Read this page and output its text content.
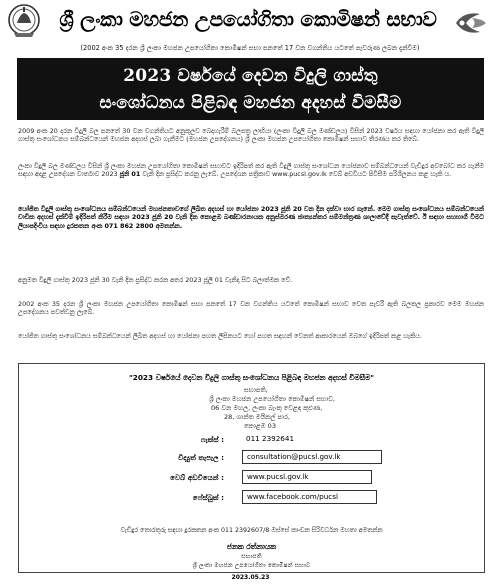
ශ්‍රී ලංකා මහජන උපයෝගිතා කොමිෂන් සභාව
(2002 අංක 35 දරන ශ්‍රී ලංකා මහජන උපයෝගිතා කොමිෂන් සභා පනතේ 17 වන වගන්තිය යටතේ පැවරුණ ලබන දැන්වීම)
2023 වර්ෂයේ දෙවන විදුලි ගාස්තු
සංශෝධනය පිළිබඳ මහජන අදහස් විමසීම
2009 අංක 20 දරන විදුලි බල පනතේ 30 වන වගන්තියට අනුකූලව බෙදාහැරීම් බලපත්‍ර ලාභියා (ලංකා විදුලි බල මණ්ඩලය) විසින් 2023 වර්ෂය සඳහා යෝජනා කර ඇති විදුලි ගාස්තු සංශෝධනය සම්බන්ධයෙන් මහජන අදහස් ලබා ගැනීමට (මහජන උපදේශනය) ශ්‍රී ලංකා මහජන උපයෝගිතා කොමිෂන් සභාව තීරණය කර තිබේ.
ලංකා විදුලි බල මණ්ඩලය විසින් ශ්‍රී ලංකා මහජන උපයෝගිතා කොමිෂන් සභාවට ඉදිරිපත් කර ඇති විදුලි ගාස්තු සංශෝධන යෝජනාව සම්බන්ධයෙන් වැඩිදුර අවබෝධ කර ගැනීම සඳහා අදාළ උපදේශන වාර්තාව 2023 ජූනි 01 වැනි දින ප්‍රසිද්ධ කරනු ලැබේ. උපදේශන පත්‍රිකාව www.pucsl.gov.lk වෙබ් අඩවියට පිවිසීම පරිශීලනය කළ හැකි ය.
යෝජිත විදුලි ගාස්තු සංශෝධනය සම්බන්ධයෙන් මහජනතාවගේ ලිඛිත අදහස් හා යෝජනා 2023 ජූනි 20 වන දින දක්වා භාර ගැනේ. මෙම ගාස්තු සංශෝධනය සම්බන්ධයෙන් වාචික අදහස් දැක්වීම් ඉදිරිපත් කිරීම සඳහා 2023 ජූනි 20 වැනි දින කොළඹ බණ්ඩාරනායක අනුස්මරණ ජාත්‍යන්තර සම්මන්ත්‍රණ ශාලාවේදී පැවැත්වේ. ඊ සඳහා සහභාගී වීමට ලියාපදිංචිය සඳහා දුරකතන අංක 071 862 2800 අමතන්න.
අනුමත විදුලි ගාස්තු 2023 ජූනි 30 වැනි දින ප්‍රසිද්ධ කරන අතර 2023 ජූලි 01 වැනිදා සිට බලාත්මක වේ.
2002 අංක 35 දරන ශ්‍රී ලංකා මහජන උපයෝගිතා කොමිෂන් සභා පනතේ 17 වන වගන්තිය යටතේ කොමිෂන් සභාව වෙත පැවරී ඇති බලතල ප්‍රකාරව මෙම මහජන උපදේශනය පවත්වනු ලැබේ.
යෝජිත ගාස්තු සංශෝධනය සම්බන්ධයෙන් ලිඛිත අදහස් හා යෝජනා පහත ලිපිනයට හෝ පහත සඳහන් වෙනත් ආකාරයෙන් ඔබගේ ඉදිරිපත් කළ හැකිය.
"2023 වර්ෂයේ දෙවන විදුලි ගාස්තු සංශෝධනය පිළිබඳ මහජන අදහස් විමසීම"
සභාපති,
ශ්‍රී ලංකා මහජන උපයෝගිතා කොමිෂන් සභාව,
06 වන මහල, ලංකා බැංකු වෙළඳ කුළුණ,
28, ශාන්ත මයිකල් පාර,
කොළඹ 03
ෆැක්ස් :	011 2392641
විද්‍යුත් තැපැල :	consultation@pucsl.gov.lk
වෙබ් අඩවියෙන් :	www.pucsl.gov.lk
ෆේස්බුක් :	www.facebook.com/pucsl
වැඩිදුර තොරතුරු සඳහා දුරකතන අංක 011 2392607/8 ඔස්සේ කාංචන සිරිවර්ධන මහතා අමතන්න
ජනක රත්නායක
සභාපති
ශ්‍රී ලංකා මහජන උපයෝගිතා කොමිෂන් සභාව
2023.05.23
